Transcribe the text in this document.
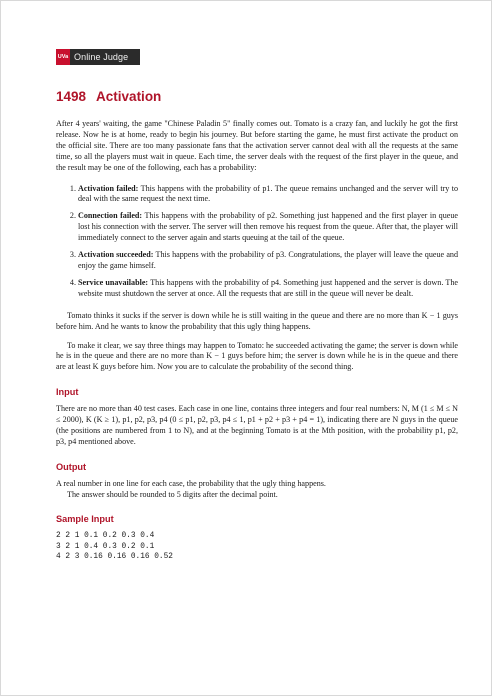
UVa Online Judge
1498 Activation

After 4 years' waiting, the game "Chinese Paladin 5" finally comes out. Tomato is a crazy fan, and luckily he got the first release. Now he is at home, ready to begin his journey. But before starting the game, he must first activate the product on the official site. There are too many passionate fans that the activation server cannot deal with all the requests at the same time, so all the players must wait in queue. Each time, the server deals with the request of the first player in the queue, and the result may be one of the following, each has a probability:

1. Activation failed: This happens with the probability of p1. The queue remains unchanged and the server will try to deal with the same request the next time.
2. Connection failed: This happens with the probability of p2. Something just happened and the first player in queue lost his connection with the server. The server will then remove his request from the queue. After that, the player will immediately connect to the server again and starts queuing at the tail of the queue.
3. Activation succeeded: This happens with the probability of p3. Congratulations, the player will leave the queue and enjoy the game himself.
4. Service unavailable: This happens with the probability of p4. Something just happened and the server is down. The website must shutdown the server at once. All the requests that are still in the queue will never be dealt.

Tomato thinks it sucks if the server is down while he is still waiting in the queue and there are no more than K − 1 guys before him. And he wants to know the probability that this ugly thing happens.

To make it clear, we say three things may happen to Tomato: he succeeded activating the game; the server is down while he is in the queue and there are no more than K − 1 guys before him; the server is down while he is in the queue and there are at least K guys before him. Now you are to calculate the probability of the second thing.

Input

There are no more than 40 test cases. Each case in one line, contains three integers and four real numbers: N, M (1 ≤ M ≤ N ≤ 2000), K (K ≥ 1), p1, p2, p3, p4 (0 ≤ p1, p2, p3, p4 ≤ 1, p1 + p2 + p3 + p4 = 1), indicating there are N guys in the queue (the positions are numbered from 1 to N), and at the beginning Tomato is at the Mth position, with the probability p1, p2, p3, p4 mentioned above.

Output

A real number in one line for each case, the probability that the ugly thing happens.

The answer should be rounded to 5 digits after the decimal point.

Sample Input
2 2 1 0.1 0.2 0.3 0.4
3 2 1 0.4 0.3 0.2 0.1
4 2 3 0.16 0.16 0.16 0.52
